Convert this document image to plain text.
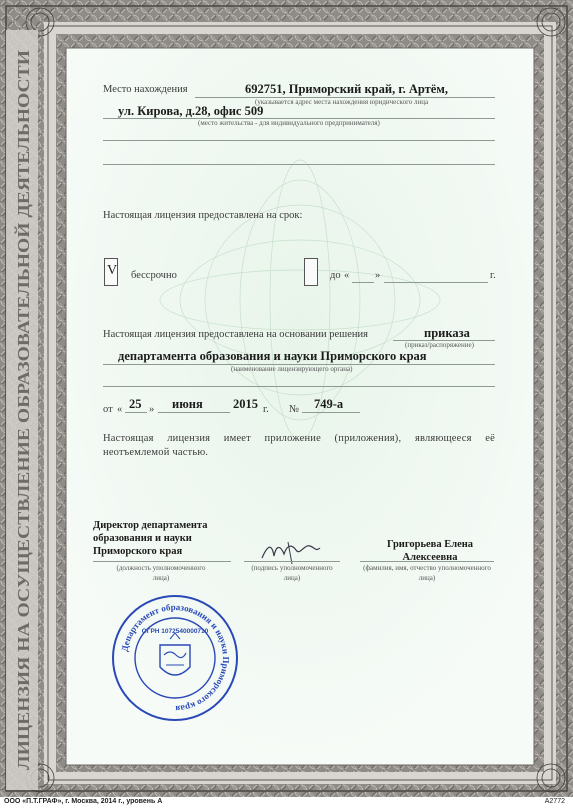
ЛИЦЕНЗИЯ НА ОСУЩЕСТВЛЕНИЕ ОБРАЗОВАТЕЛЬНОЙ ДЕЯТЕЛЬНОСТИ
Место нахождения	692751, Приморский край, г. Артём,
(указывается адрес места нахождения юридического лица
ул. Кирова, д.28, офис 509
(место жительства - для индивидуального предпринимателя)
Настоящая лицензия предоставлена на срок:
V бессрочно	до « »	г.
Настоящая лицензия предоставлена на основании решения	приказа
(приказ/распоряжение)
департамента образования и науки Приморского края
(наименование лицензирующего органа)
от « 25 » июня 2015 г. № 749-а
Настоящая лицензия имеет приложение (приложения), являющееся её неотъемлемой частью.
Директор департамента образования и науки Приморского края
(должность уполномоченного лица)
(подпись уполномоченного лица)
Григорьева Елена Алексеевна
(фамилия, имя, отчество уполномоченного лица)
Департамент образования и науки Приморского края
ОГРН 1072540000710
ООО «П.Т.ГРАФ», г. Москва, 2014 г., уровень А	А2772
